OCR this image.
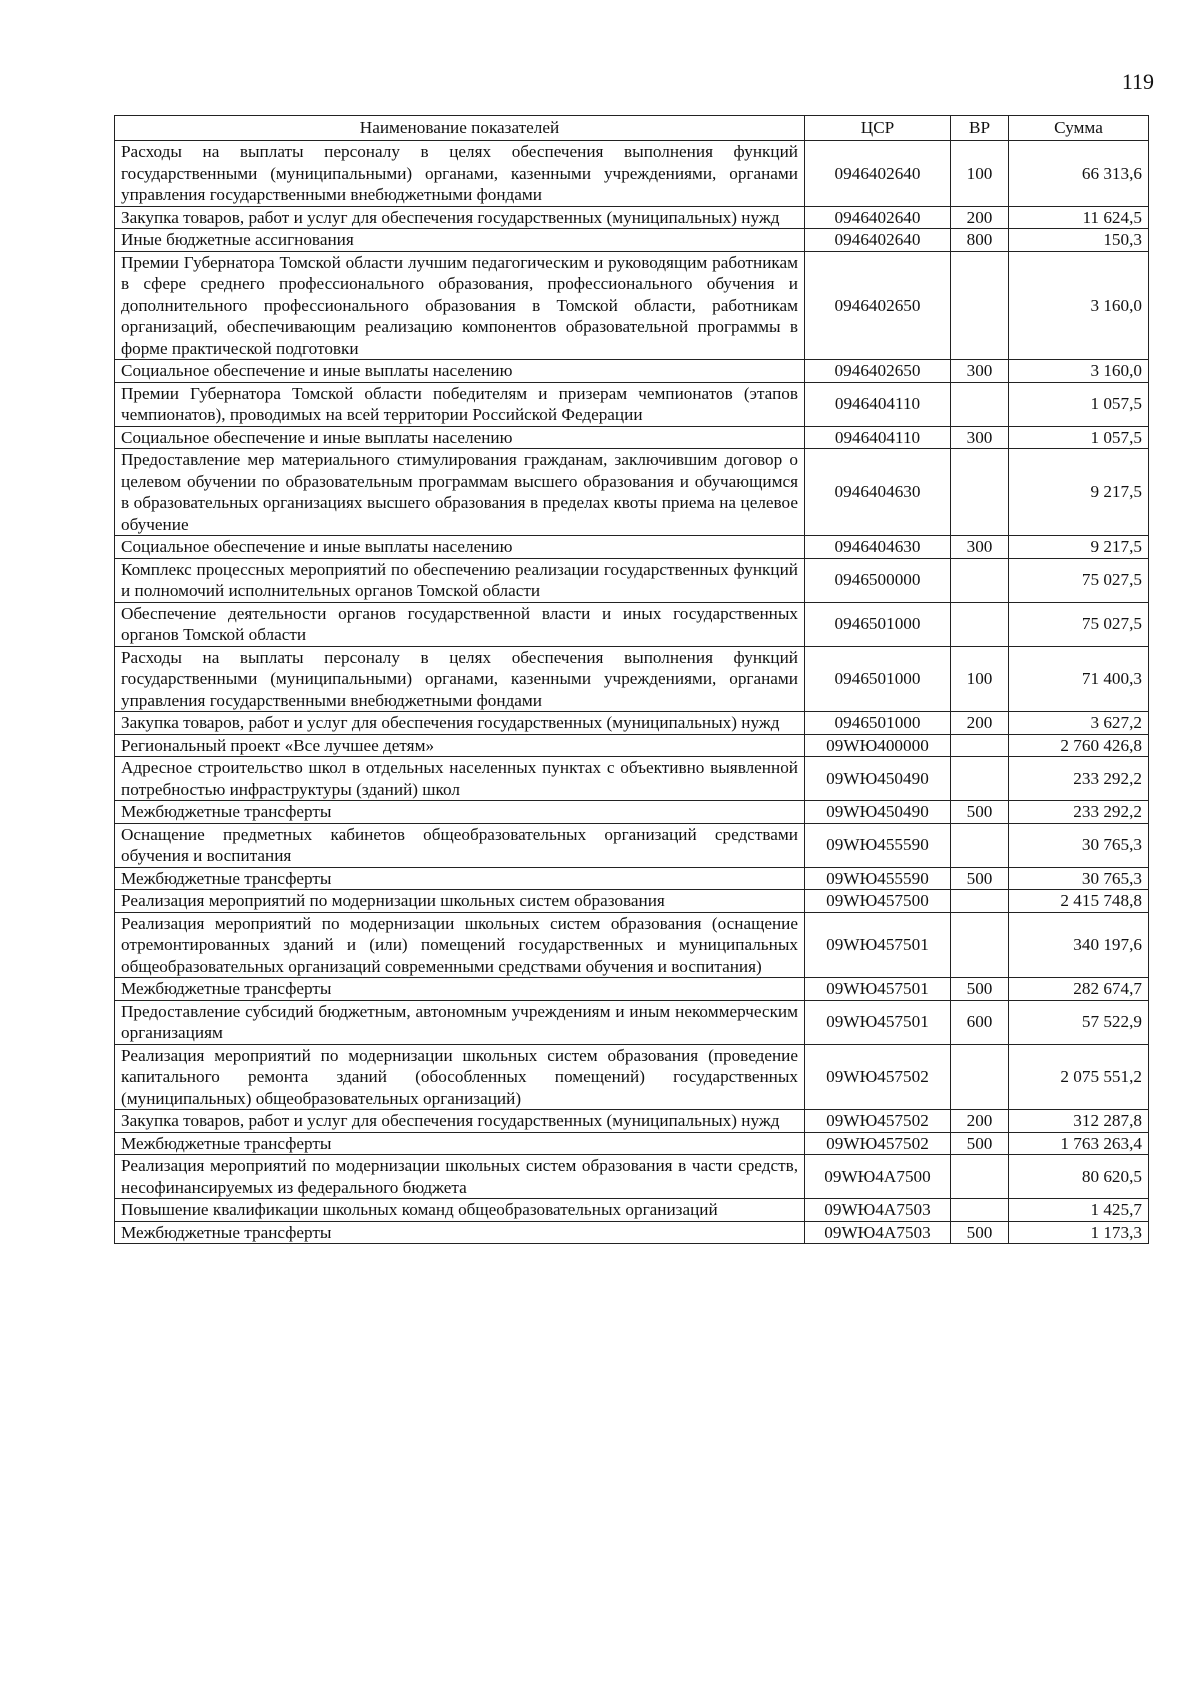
119
Наименование показателей	ЦСР	ВР	Сумма
Расходы на выплаты персоналу в целях обеспечения выполнения функций государственными (муниципальными) органами, казенными учреждениями, органами управления государственными внебюджетными фондами	0946402640	100	66 313,6
Закупка товаров, работ и услуг для обеспечения государственных (муниципальных) нужд	0946402640	200	11 624,5
Иные бюджетные ассигнования	0946402640	800	150,3
Премии Губернатора Томской области лучшим педагогическим и руководящим работникам в сфере среднего профессионального образования, профессионального обучения и дополнительного профессионального образования в Томской области, работникам организаций, обеспечивающим реализацию компонентов образовательной программы в форме практической подготовки	0946402650		3 160,0
Социальное обеспечение и иные выплаты населению	0946402650	300	3 160,0
Премии Губернатора Томской области победителям и призерам чемпионатов (этапов чемпионатов), проводимых на всей территории Российской Федерации	0946404110		1 057,5
Социальное обеспечение и иные выплаты населению	0946404110	300	1 057,5
Предоставление мер материального стимулирования гражданам, заключившим договор о целевом обучении по образовательным программам высшего образования и обучающимся в образовательных организациях высшего образования в пределах квоты приема на целевое обучение	0946404630		9 217,5
Социальное обеспечение и иные выплаты населению	0946404630	300	9 217,5
Комплекс процессных мероприятий по обеспечению реализации государственных функций и полномочий исполнительных органов Томской области	0946500000		75 027,5
Обеспечение деятельности органов государственной власти и иных государственных органов Томской области	0946501000		75 027,5
Расходы на выплаты персоналу в целях обеспечения выполнения функций государственными (муниципальными) органами, казенными учреждениями, органами управления государственными внебюджетными фондами	0946501000	100	71 400,3
Закупка товаров, работ и услуг для обеспечения государственных (муниципальных) нужд	0946501000	200	3 627,2
Региональный проект «Все лучшее детям»	09WЮ400000		2 760 426,8
Адресное строительство школ в отдельных населенных пунктах с объективно выявленной потребностью инфраструктуры (зданий) школ	09WЮ450490		233 292,2
Межбюджетные трансферты	09WЮ450490	500	233 292,2
Оснащение предметных кабинетов общеобразовательных организаций средствами обучения и воспитания	09WЮ455590		30 765,3
Межбюджетные трансферты	09WЮ455590	500	30 765,3
Реализация мероприятий по модернизации школьных систем образования	09WЮ457500		2 415 748,8
Реализация мероприятий по модернизации школьных систем образования (оснащение отремонтированных зданий и (или) помещений государственных и муниципальных общеобразовательных организаций современными средствами обучения и воспитания)	09WЮ457501		340 197,6
Межбюджетные трансферты	09WЮ457501	500	282 674,7
Предоставление субсидий бюджетным, автономным учреждениям и иным некоммерческим организациям	09WЮ457501	600	57 522,9
Реализация мероприятий по модернизации школьных систем образования (проведение капитального ремонта зданий (обособленных помещений) государственных (муниципальных) общеобразовательных организаций)	09WЮ457502		2 075 551,2
Закупка товаров, работ и услуг для обеспечения государственных (муниципальных) нужд	09WЮ457502	200	312 287,8
Межбюджетные трансферты	09WЮ457502	500	1 763 263,4
Реализация мероприятий по модернизации школьных систем образования в части средств, несофинансируемых из федерального бюджета	09WЮ4A7500		80 620,5
Повышение квалификации школьных команд общеобразовательных организаций	09WЮ4A7503		1 425,7
Межбюджетные трансферты	09WЮ4A7503	500	1 173,3
